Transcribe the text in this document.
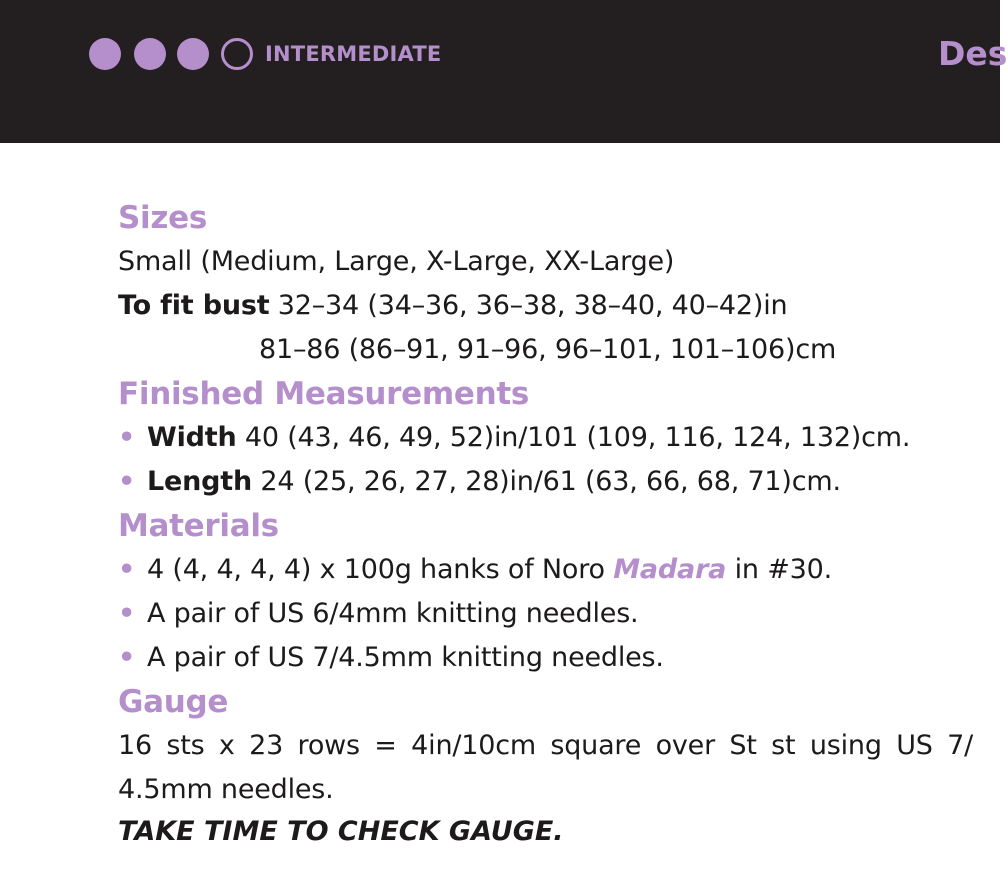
INTERMEDIATE	Des
Sizes
Small (Medium, Large, X-Large, XX-Large)
To fit bust 32–34 (34–36, 36–38, 38–40, 40–42)in
81–86 (86–91, 91–96, 96–101, 101–106)cm
Finished Measurements
• Width 40 (43, 46, 49, 52)in/101 (109, 116, 124, 132)cm.
• Length 24 (25, 26, 27, 28)in/61 (63, 66, 68, 71)cm.
Materials
• 4 (4, 4, 4, 4) x 100g hanks of Noro Madara in #30.
• A pair of US 6/4mm knitting needles.
• A pair of US 7/4.5mm knitting needles.
Gauge
16 sts x 23 rows = 4in/10cm square over St st using US 7/ 4.5mm needles.
TAKE TIME TO CHECK GAUGE.
